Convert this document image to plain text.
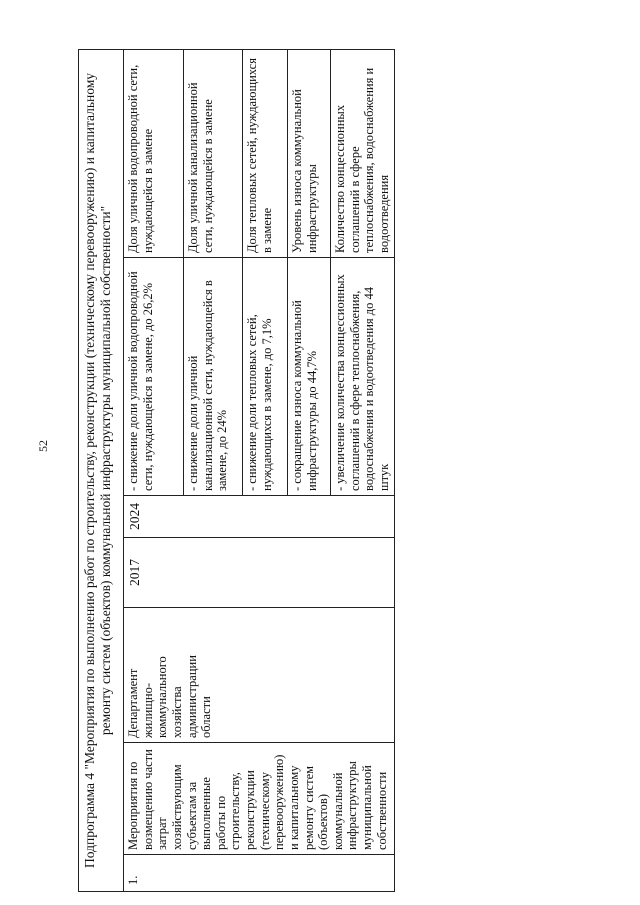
52 Подпрограмма 4 "Мероприятия по выполнению работ по строительству, реконструкции (техническому перевооружению) и капитальному ремонту систем (объектов) коммунальной инфраструктуры муниципальной собственности"						
1.	Мероприятия по возмещению части затрат хозяйствующим субъектам за выполненные работы по строительству, реконструкции (техническому перевооружению) и капитальному ремонту систем (объектов) коммунальной инфраструктуры муниципальной собственности	Департамент жилищно-коммунального хозяйства администрации области	2017	2024	- снижение доли уличной водопроводной сети, нуждающейся в замене, до 26,2%	Доля уличной водопроводной сети, нуждающейся в замене
					- снижение доли уличной канализационной сети, нуждающейся в замене, до 24%	Доля уличной канализационной сети, нуждающейся в замене
					- снижение доли тепловых сетей, нуждающихся в замене, до 7,1%	Доля тепловых сетей, нуждающихся в замене
					- сокращение износа коммунальной инфраструктуры до 44,7%	Уровень износа коммунальной инфраструктуры
					- увеличение количества концессионных соглашений в сфере теплоснабжения, водоснабжения и водоотведения до 44 штук	Количество концессионных соглашений в сфере теплоснабжения, водоснабжения и водоотведения
